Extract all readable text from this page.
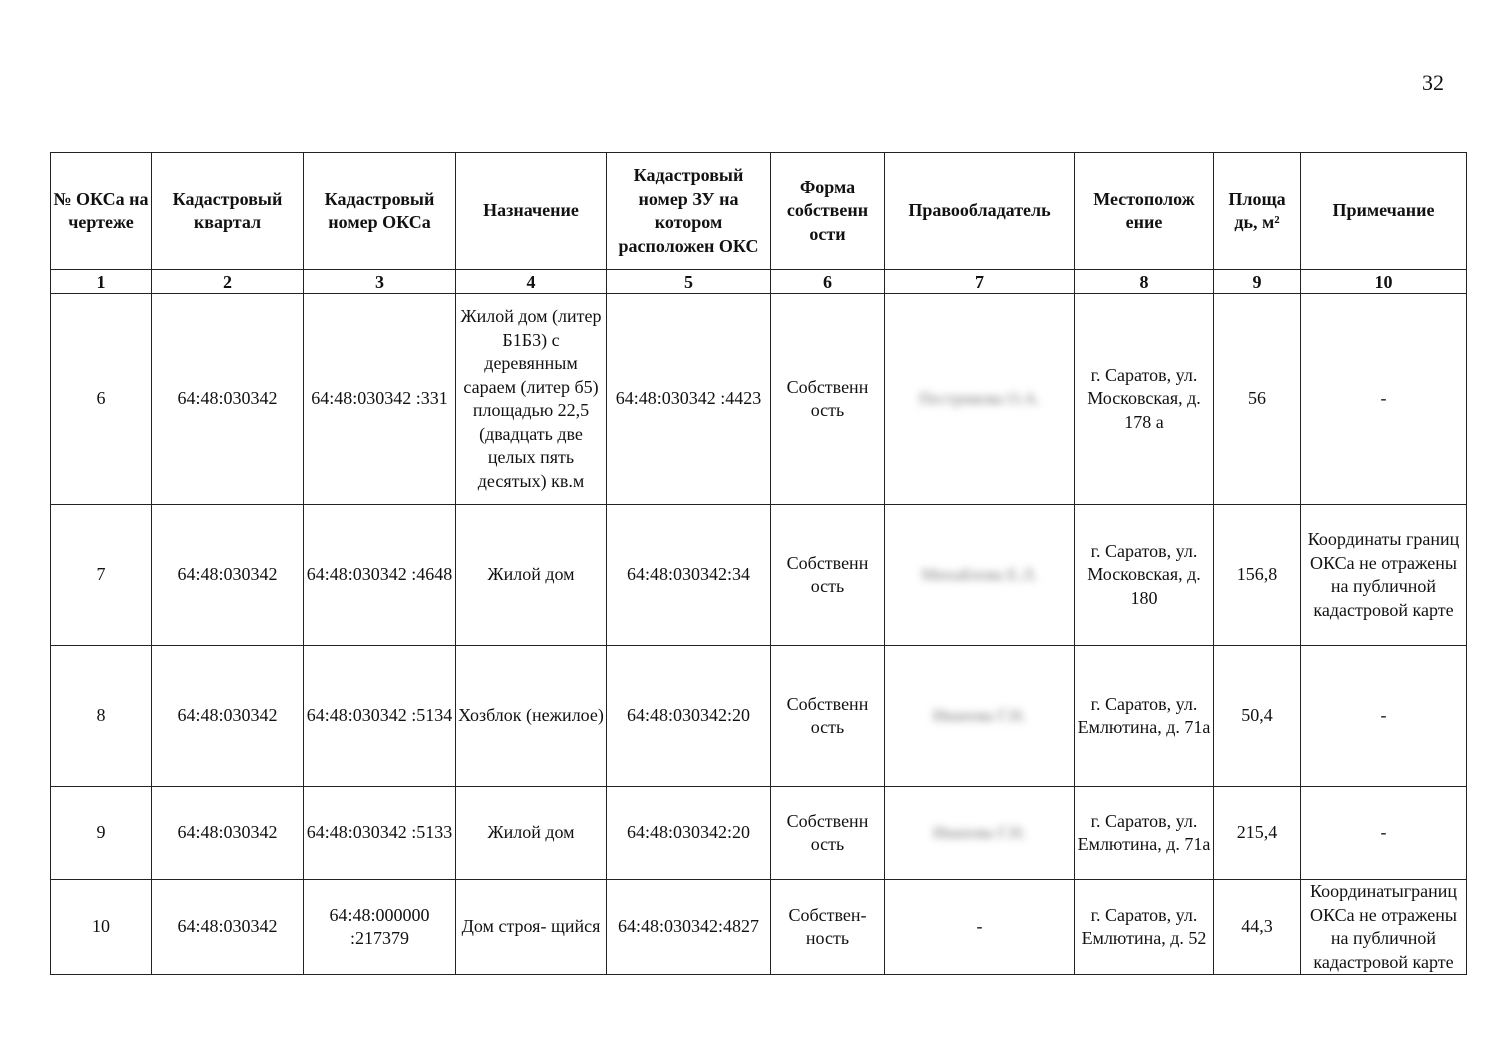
32
№ ОКСа на чертеже	Кадастровый квартал	Кадастровый номер ОКСа	Назначение	Кадастровый номер ЗУ на котором расположен ОКС	Форма собственн ости	Правообладатель	Местополож ение	Площа дь, м²	Примечание
1	2	3	4	5	6	7	8	9	10
6	64:48:030342	64:48:030342 :331	Жилой дом (литер Б1Б3) с деревянным сараем (литер б5) площадью 22,5 (двадцать две целых пять десятых) кв.м	64:48:030342 :4423	Собственн ость	Пестрикова О.А.	г. Саратов, ул. Московская, д. 178 а	56	-
7	64:48:030342	64:48:030342 :4648	Жилой дом	64:48:030342:34	Собственн ость	Михайлова Е.Л.	г. Саратов, ул. Московская, д. 180	156,8	Координаты границ ОКСа не отражены на публичной кадастровой карте
8	64:48:030342	64:48:030342 :5134	Хозблок (нежилое)	64:48:030342:20	Собственн ость	Иванова Г.Н.	г. Саратов, ул. Емлютина, д. 71а	50,4	-
9	64:48:030342	64:48:030342 :5133	Жилой дом	64:48:030342:20	Собственн ость	Иванова Г.Н.	г. Саратов, ул. Емлютина, д. 71а	215,4	-
10	64:48:030342	64:48:000000 :217379	Дом строя- щийся	64:48:030342:4827	Собствен- ность	-	г. Саратов, ул. Емлютина, д. 52	44,3	Координатыграниц ОКСа не отражены на публичной кадастровой карте
